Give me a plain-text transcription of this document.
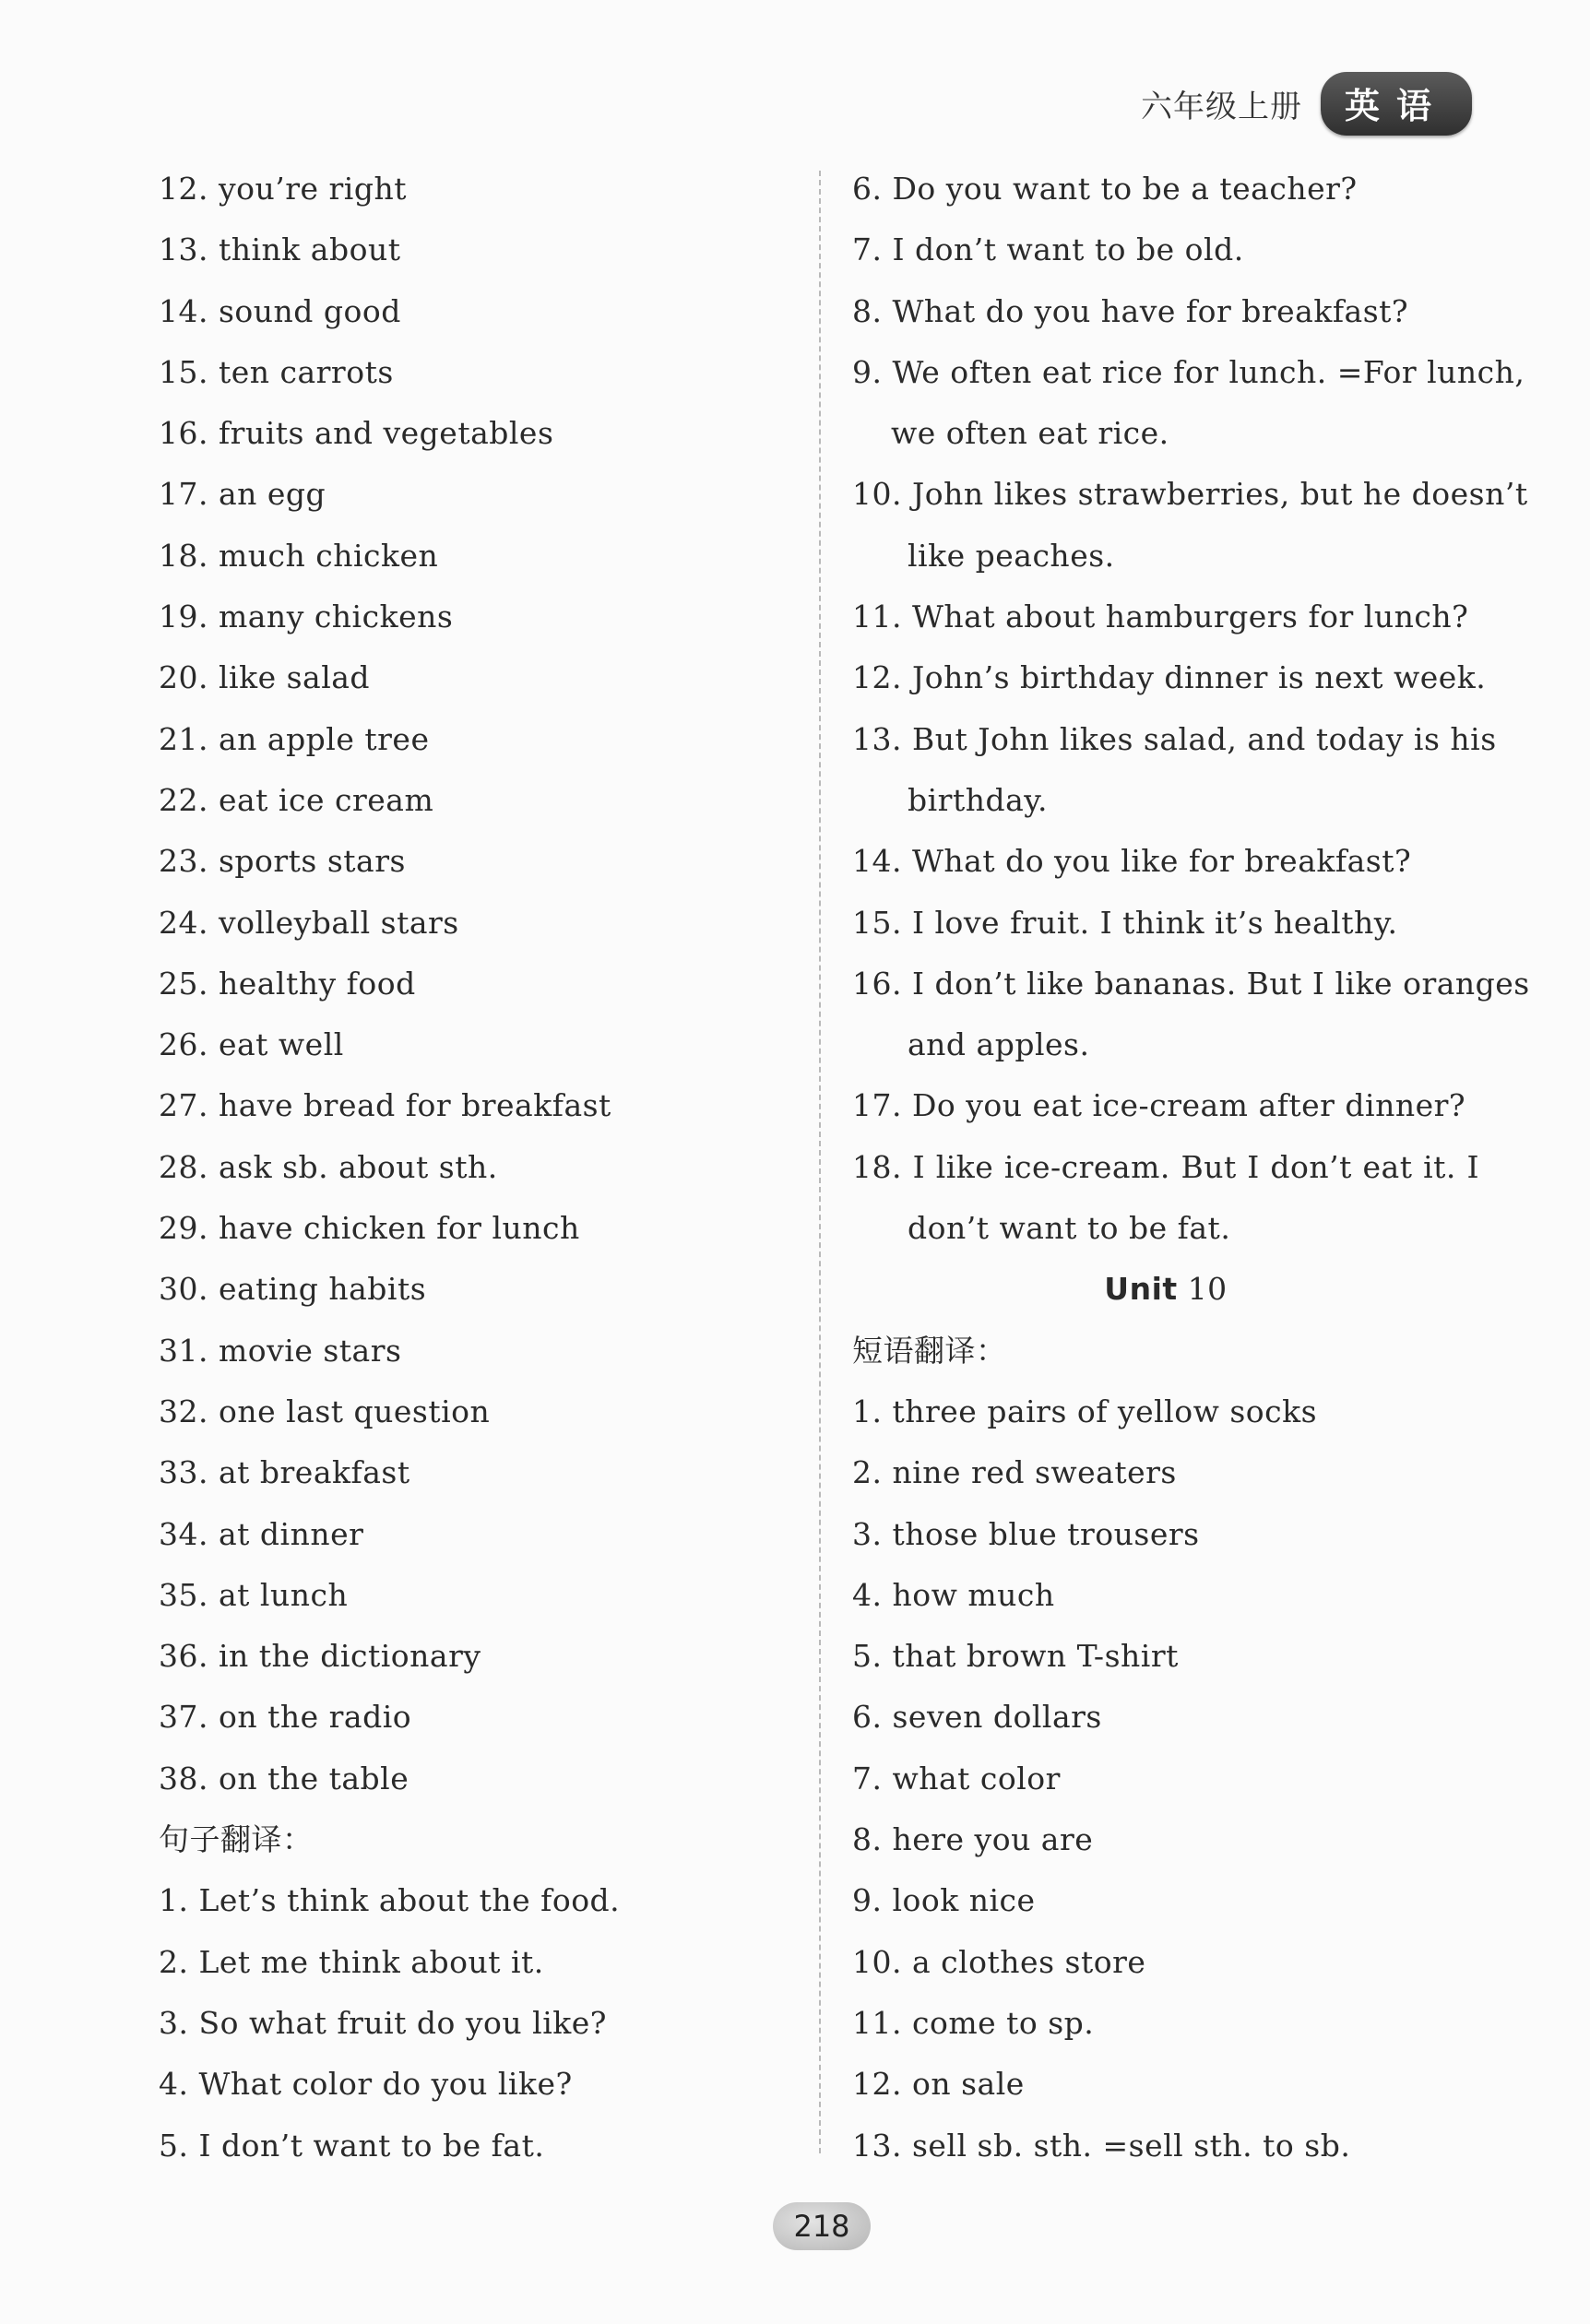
六年级上册	英语
12. you’re right
13. think about
14. sound good
15. ten carrots
16. fruits and vegetables
17. an egg
18. much chicken
19. many chickens
20. like salad
21. an apple tree
22. eat ice cream
23. sports stars
24. volleyball stars
25. healthy food
26. eat well
27. have bread for breakfast
28. ask sb. about sth.
29. have chicken for lunch
30. eating habits
31. movie stars
32. one last question
33. at breakfast
34. at dinner
35. at lunch
36. in the dictionary
37. on the radio
38. on the table
句子翻译：
1. Let’s think about the food.
2. Let me think about it.
3. So what fruit do you like?
4. What color do you like?
5. I don’t want to be fat.
6. Do you want to be a teacher?
7. I don’t want to be old.
8. What do you have for breakfast?
9. We often eat rice for lunch. =For lunch,
we often eat rice.
10. John likes strawberries, but he doesn’t
like peaches.
11. What about hamburgers for lunch?
12. John’s birthday dinner is next week.
13. But John likes salad, and today is his
birthday.
14. What do you like for breakfast?
15. I love fruit. I think it’s healthy.
16. I don’t like bananas. But I like oranges
and apples.
17. Do you eat ice-cream after dinner?
18. I like ice-cream. But I don’t eat it. I
don’t want to be fat.
Unit 10
短语翻译：
1. three pairs of yellow socks
2. nine red sweaters
3. those blue trousers
4. how much
5. that brown T-shirt
6. seven dollars
7. what color
8. here you are
9. look nice
10. a clothes store
11. come to sp.
12. on sale
13. sell sb. sth. =sell sth. to sb.
218
